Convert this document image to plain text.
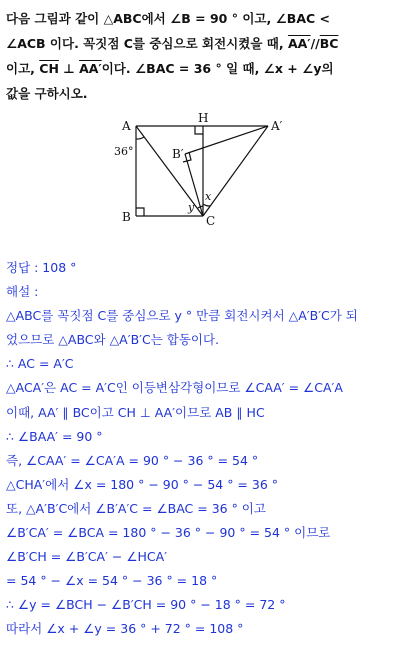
다음 그림과 같이 △ABC에서 ∠B = 90 ° 이고, ∠BAC <
∠ACB 이다. 꼭짓점 C를 중심으로 회전시켰을 때, $AA'//\overline{BC}$
이고, $\overline{CH}$ ⊥ AA′이다. ∠BAC = 36 ° 일 때, ∠x + ∠y의
값을 구하시오.
A
B	C
H
A′
B′
36°
x
y
정답 : 108 °
해설 :
△ABC를 꼭짓점 C를 중심으로 y ° 만큼 회전시켜서 △A′B′C가 되
었으므로 △ABC와 △A′B′C는 합동이다.
∴ AC = A′C
△ACA′은 AC = A′C인 이등변삼각형이므로 ∠CAA′ = ∠CA′A
이때, AA′ ∥ BC이고 CH ⊥ AA′이므로 AB ∥ HC
∴ ∠BAA′ = 90 °
즉, ∠CAA′ = ∠CA′A = 90 ° − 36 ° = 54 °
△CHA′에서 ∠x = 180 ° − 90 ° − 54 ° = 36 °
또, △A′B′C에서 ∠B′A′C = ∠BAC = 36 ° 이고
∠B′CA′ = ∠BCA = 180 ° − 36 ° − 90 ° = 54 ° 이므로
∠B′CH = ∠B′CA′ − ∠HCA′
= 54 ° − ∠x = 54 ° − 36 ° = 18 °
∴ ∠y = ∠BCH − ∠B′CH = 90 ° − 18 ° = 72 °
따라서 ∠x + ∠y = 36 ° + 72 ° = 108 °
